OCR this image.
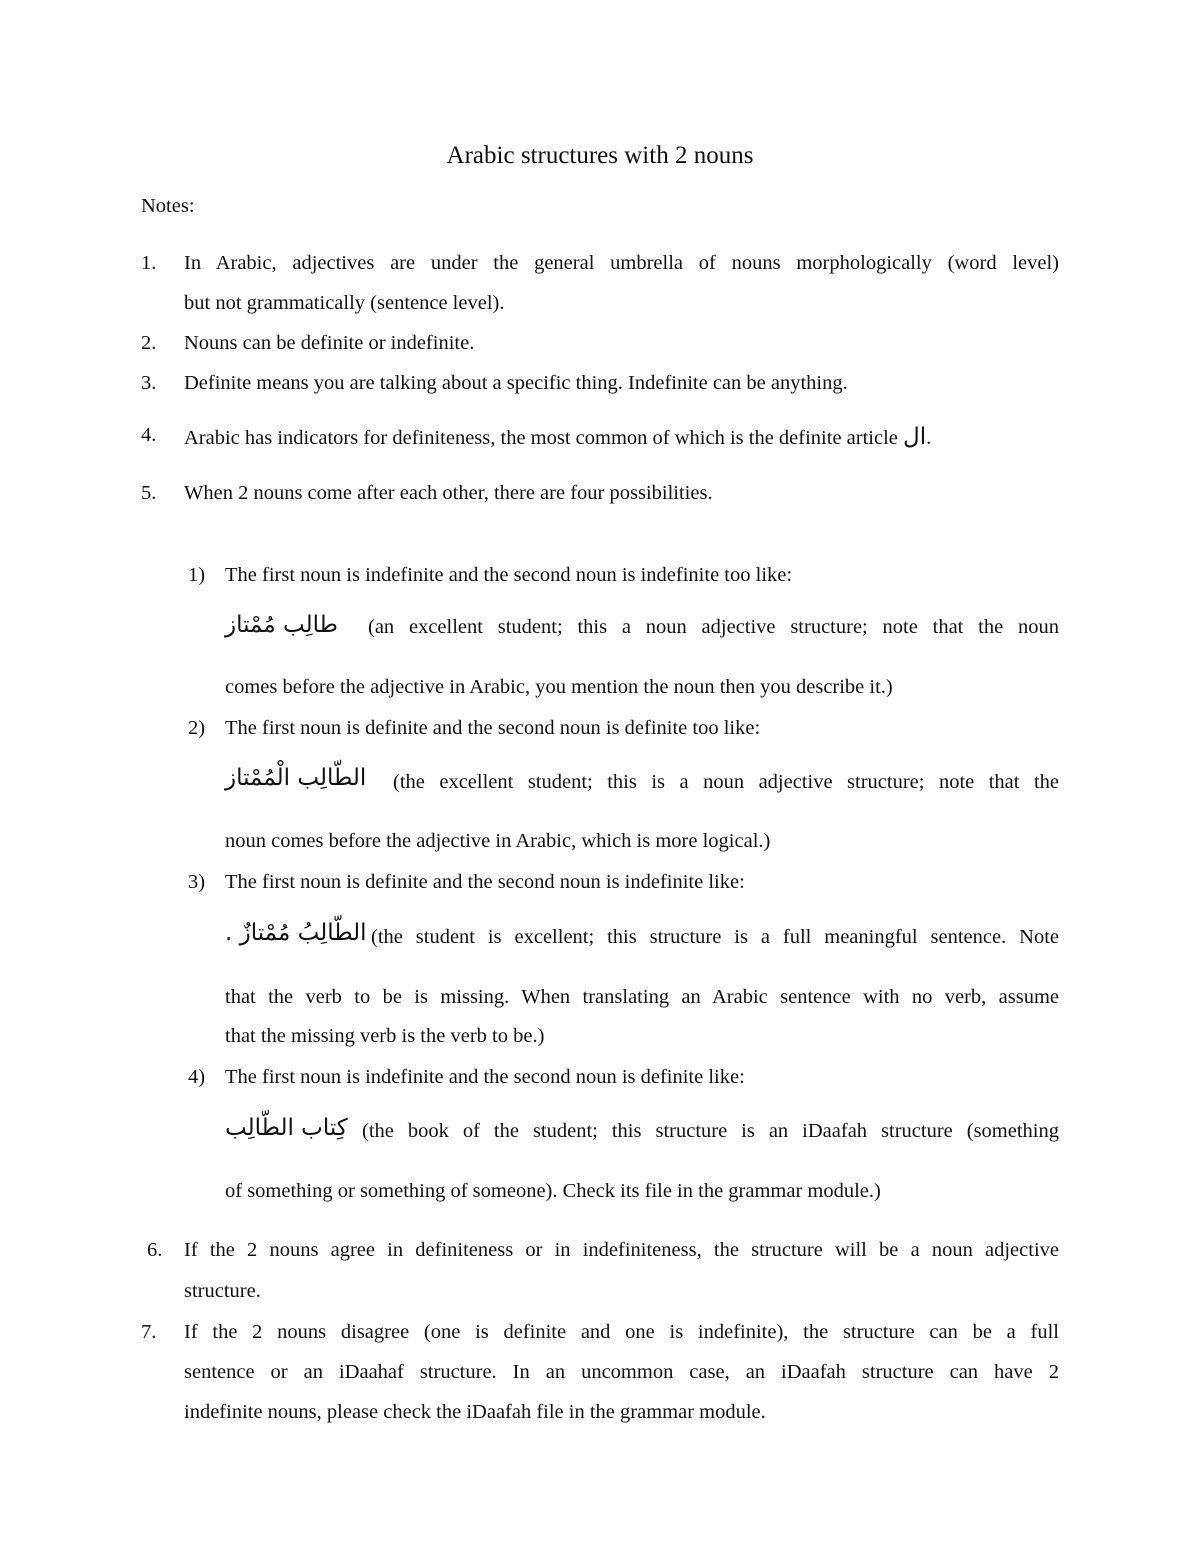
Arabic structures with 2 nouns
Notes:
1. In Arabic, adjectives are under the general umbrella of nouns morphologically (word level)
but not grammatically (sentence level).
2. Nouns can be definite or indefinite.
3. Definite means you are talking about a specific thing. Indefinite can be anything.
4. Arabic has indicators for definiteness, the most common of which is the definite article ال.
5. When 2 nouns come after each other, there are four possibilities.
1) The first noun is indefinite and the second noun is indefinite too like:
طالِب مُمْتاز (an excellent student; this a noun adjective structure; note that the noun
comes before the adjective in Arabic, you mention the noun then you describe it.)
2) The first noun is definite and the second noun is definite too like:
الطّالِب الْمُمْتاز (the excellent student; this is a noun adjective structure; note that the
noun comes before the adjective in Arabic, which is more logical.)
3) The first noun is definite and the second noun is indefinite like:
الطّالِبُ مُمْتازٌ . (the student is excellent; this structure is a full meaningful sentence. Note
that the verb to be is missing. When translating an Arabic sentence with no verb, assume
that the missing verb is the verb to be.)
4) The first noun is indefinite and the second noun is definite like:
كِتاب الطّالِب (the book of the student; this structure is an iDaafah structure (something
of something or something of someone). Check its file in the grammar module.)
6. If the 2 nouns agree in definiteness or in indefiniteness, the structure will be a noun adjective
structure.
7. If the 2 nouns disagree (one is definite and one is indefinite), the structure can be a full
sentence or an iDaahaf structure. In an uncommon case, an iDaafah structure can have 2
indefinite nouns, please check the iDaafah file in the grammar module.
